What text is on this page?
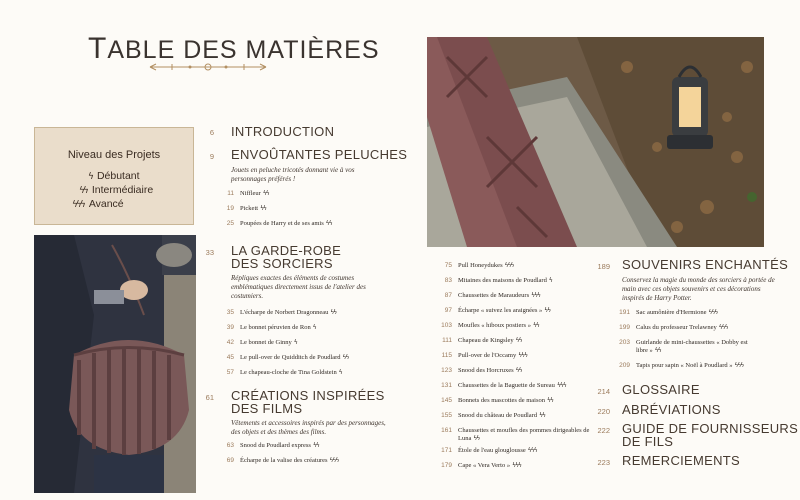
TABLE DES MATIÈRES
Niveau des Projets
ϟ Débutant
ϟϟ Intermédiaire
ϟϟϟ Avancé
6 INTRODUCTION
9 ENVOÛTANTES PELUCHES
Jouets en peluche tricotés donnant vie à vos personnages préférés !
11 Niffleur ϟϟ
19 Pickett ϟϟ
25 Poupées de Harry et de ses amis ϟϟ
33 LA GARDE-ROBE
DES SORCIERS
Répliques exactes des éléments de costumes emblématiques directement issus de l'atelier des costumiers.
35 L'écharpe de Norbert Dragonneau ϟϟ
39 Le bonnet péruvien de Ron ϟ
42 Le bonnet de Ginny ϟ
45 Le pull-over de Quidditch de Poudlard ϟϟ
57 Le chapeau-cloche de Tina Goldstein ϟ
61 CRÉATIONS INSPIRÉES
DES FILMS
Vêtements et accessoires inspirés par des personnages, des objets et des thèmes des films.
63 Snood du Poudlard express ϟϟ
69 Écharpe de la valise des créatures ϟϟϟ
75 Pull Honeydukes ϟϟϟ
83 Mitaines des maisons de Poudlard ϟ
87 Chaussettes de Maraudeurs ϟϟϟ
97 Écharpe « suivez les araignées » ϟϟ
103 Moufles « hiboux postiers » ϟϟ
111 Chapeau de Kingsley ϟϟ
115 Pull-over de l'Occamy ϟϟϟ
123 Snood des Horcruxes ϟϟ
131 Chaussettes de la Baguette de Sureau ϟϟϟ
145 Bonnets des mascottes de maison ϟϟ
155 Snood du château de Poudlard ϟϟ
161 Chaussettes et moufles des pommes dirigeables de Luna ϟϟ
171 Étole de l'eau glouglousse ϟϟϟ
179 Cape « Vera Verto » ϟϟϟ
189 SOUVENIRS ENCHANTÉS
Conservez la magie du monde des sorciers à portée de main avec ces objets souvenirs et ces décorations inspirés de Harry Potter.
191 Sac aumônière d'Hermione ϟϟϟ
199 Calus du professeur Trelawney ϟϟϟ
203 Guirlande de mini-chaussettes « Dobby est libre » ϟϟ
209 Tapis pour sapin « Noël à Poudlard » ϟϟϟ
214 GLOSSAIRE
220 ABRÉVIATIONS
222 GUIDE DE FOURNISSEURS
DE FILS
223 REMERCIEMENTS
